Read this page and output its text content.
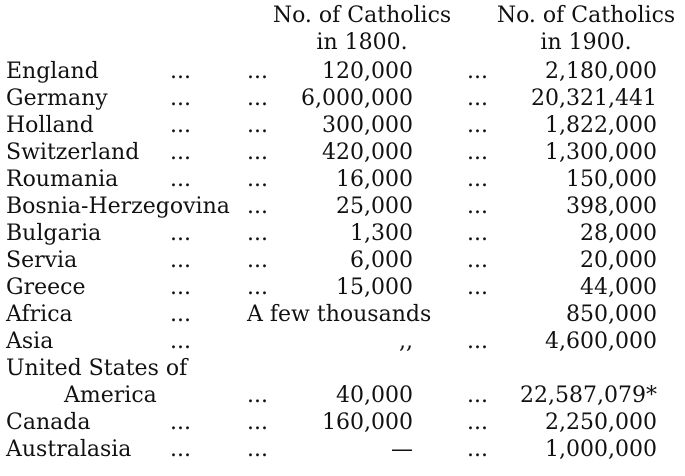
No. of Catholics
in 1800.
No. of Catholics
in 1900.
England	...	... 120,000 ...	2,180,000
Germany	...	... 6,000,000 ... 20,321,441
Holland	...	... 300,000 ...	1,822,000
Switzerland ...	... 420,000 ...	1,300,000
Roumania ...	...	16,000 ...	150,000
Bosnia-Herzegovina ...	25,000 ...	398,000
Bulgaria	...	...	1,300 ...	28,000
Servia	...	...	6,000 ...	20,000
Greece	...	...	15,000 ...	44,000
Africa	...	A few thousands	850,000
Asia	...	,, ...	4,600,000
United States of
America	...	40,000 ... 22,587,079*
Canada	...	... 160,000 ...	2,250,000
Australasia ...	...	— ...	1,000,000
